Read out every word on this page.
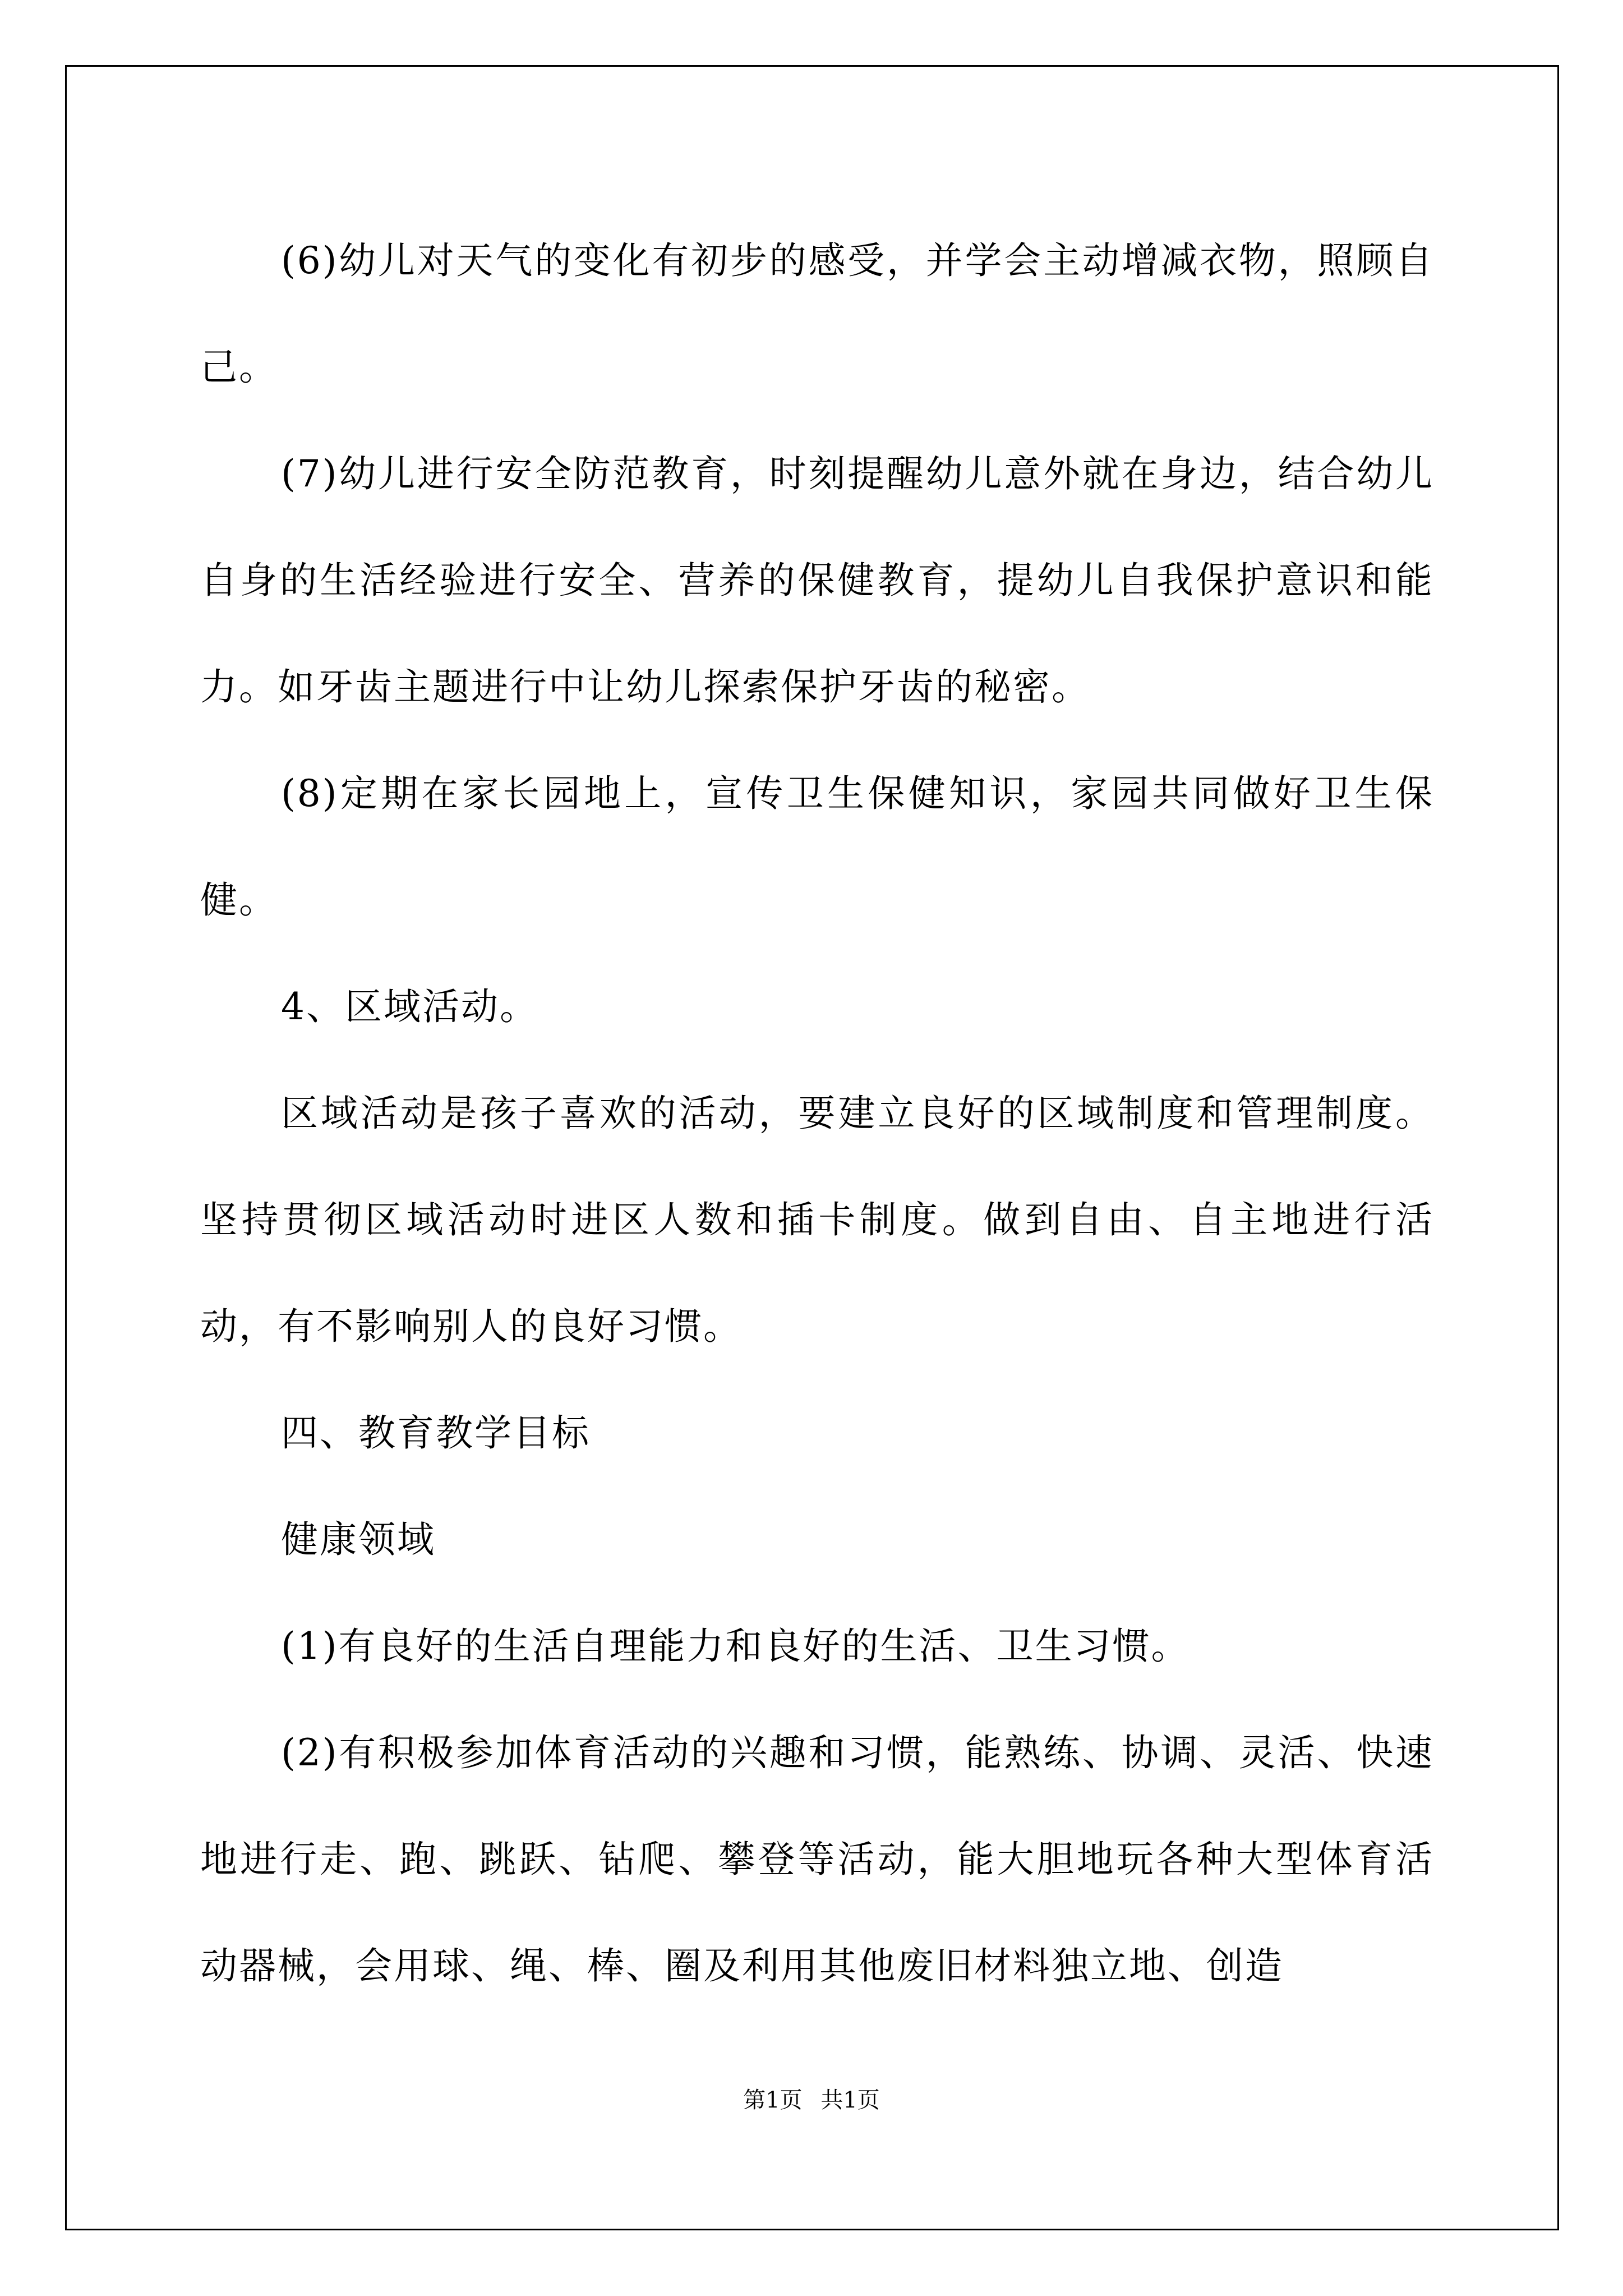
(6)幼儿对天气的变化有初步的感受，并学会主动增减衣物，照顾自己。

(7)幼儿进行安全防范教育，时刻提醒幼儿意外就在身边，结合幼儿自身的生活经验进行安全、营养的保健教育，提幼儿自我保护意识和能力。如牙齿主题进行中让幼儿探索保护牙齿的秘密。

(8)定期在家长园地上，宣传卫生保健知识，家园共同做好卫生保健。

4、区域活动。

区域活动是孩子喜欢的活动，要建立良好的区域制度和管理制度。坚持贯彻区域活动时进区人数和插卡制度。做到自由、自主地进行活动，有不影响别人的良好习惯。

四、教育教学目标

健康领域

(1)有良好的生活自理能力和良好的生活、卫生习惯。

(2)有积极参加体育活动的兴趣和习惯，能熟练、协调、灵活、快速地进行走、跑、跳跃、钻爬、攀登等活动，能大胆地玩各种大型体育活动器械，会用球、绳、棒、圈及利用其他废旧材料独立地、创造

第1页 共1页
